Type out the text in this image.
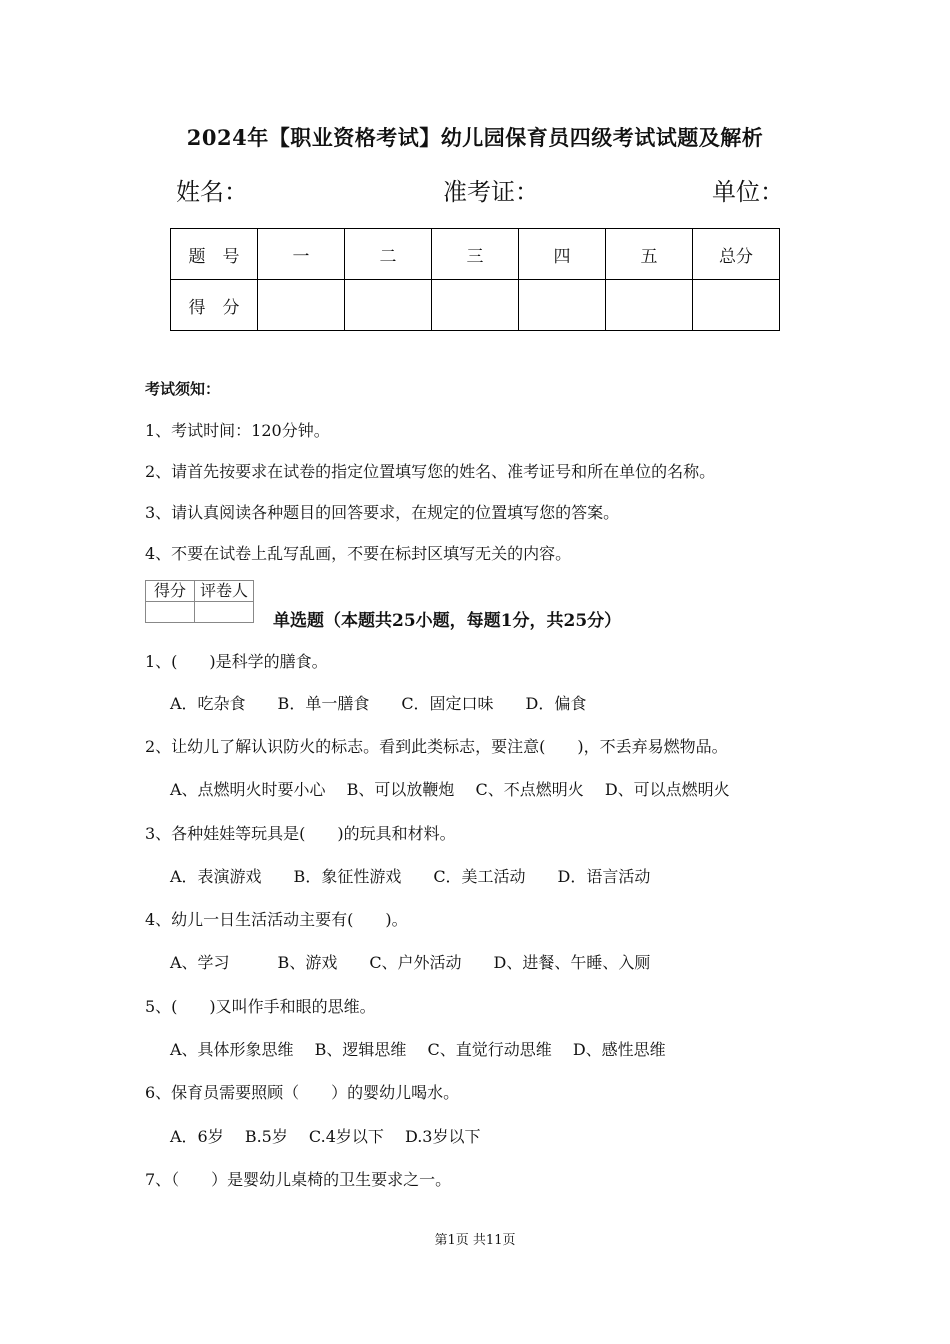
2024年【职业资格考试】幼儿园保育员四级考试试题及解析
姓名：	准考证：	单位：
题　号	一	二	三	四	五	总分
得　分						
考试须知：
1、考试时间：120分钟。
2、请首先按要求在试卷的指定位置填写您的姓名、准考证号和所在单位的名称。
3、请认真阅读各种题目的回答要求，在规定的位置填写您的答案。
4、不要在试卷上乱写乱画，不要在标封区填写无关的内容。
得分	评卷人

单选题（本题共25小题，每题1分，共25分）
1、(　　)是科学的膳食。
A．吃杂食　　B．单一膳食　　C．固定口味　　D．偏食
2、让幼儿了解认识防火的标志。看到此类标志，要注意(　　)，不丢弃易燃物品。
A、点燃明火时要小心　 B、可以放鞭炮　 C、不点燃明火　 D、可以点燃明火
3、各种娃娃等玩具是(　　)的玩具和材料。
A．表演游戏　　B．象征性游戏　　C．美工活动　　D．语言活动
4、幼儿一日生活活动主要有(　　)。
A、学习　　　B、游戏　　C、户外活动　　D、进餐、午睡、入厕
5、(　　)又叫作手和眼的思维。
A、具体形象思维　 B、逻辑思维　 C、直觉行动思维　 D、感性思维
6、保育员需要照顾（　　）的婴幼儿喝水。
A．6岁　 B.5岁　 C.4岁以下　 D.3岁以下
7、（　　）是婴幼儿桌椅的卫生要求之一。
第1页 共11页
